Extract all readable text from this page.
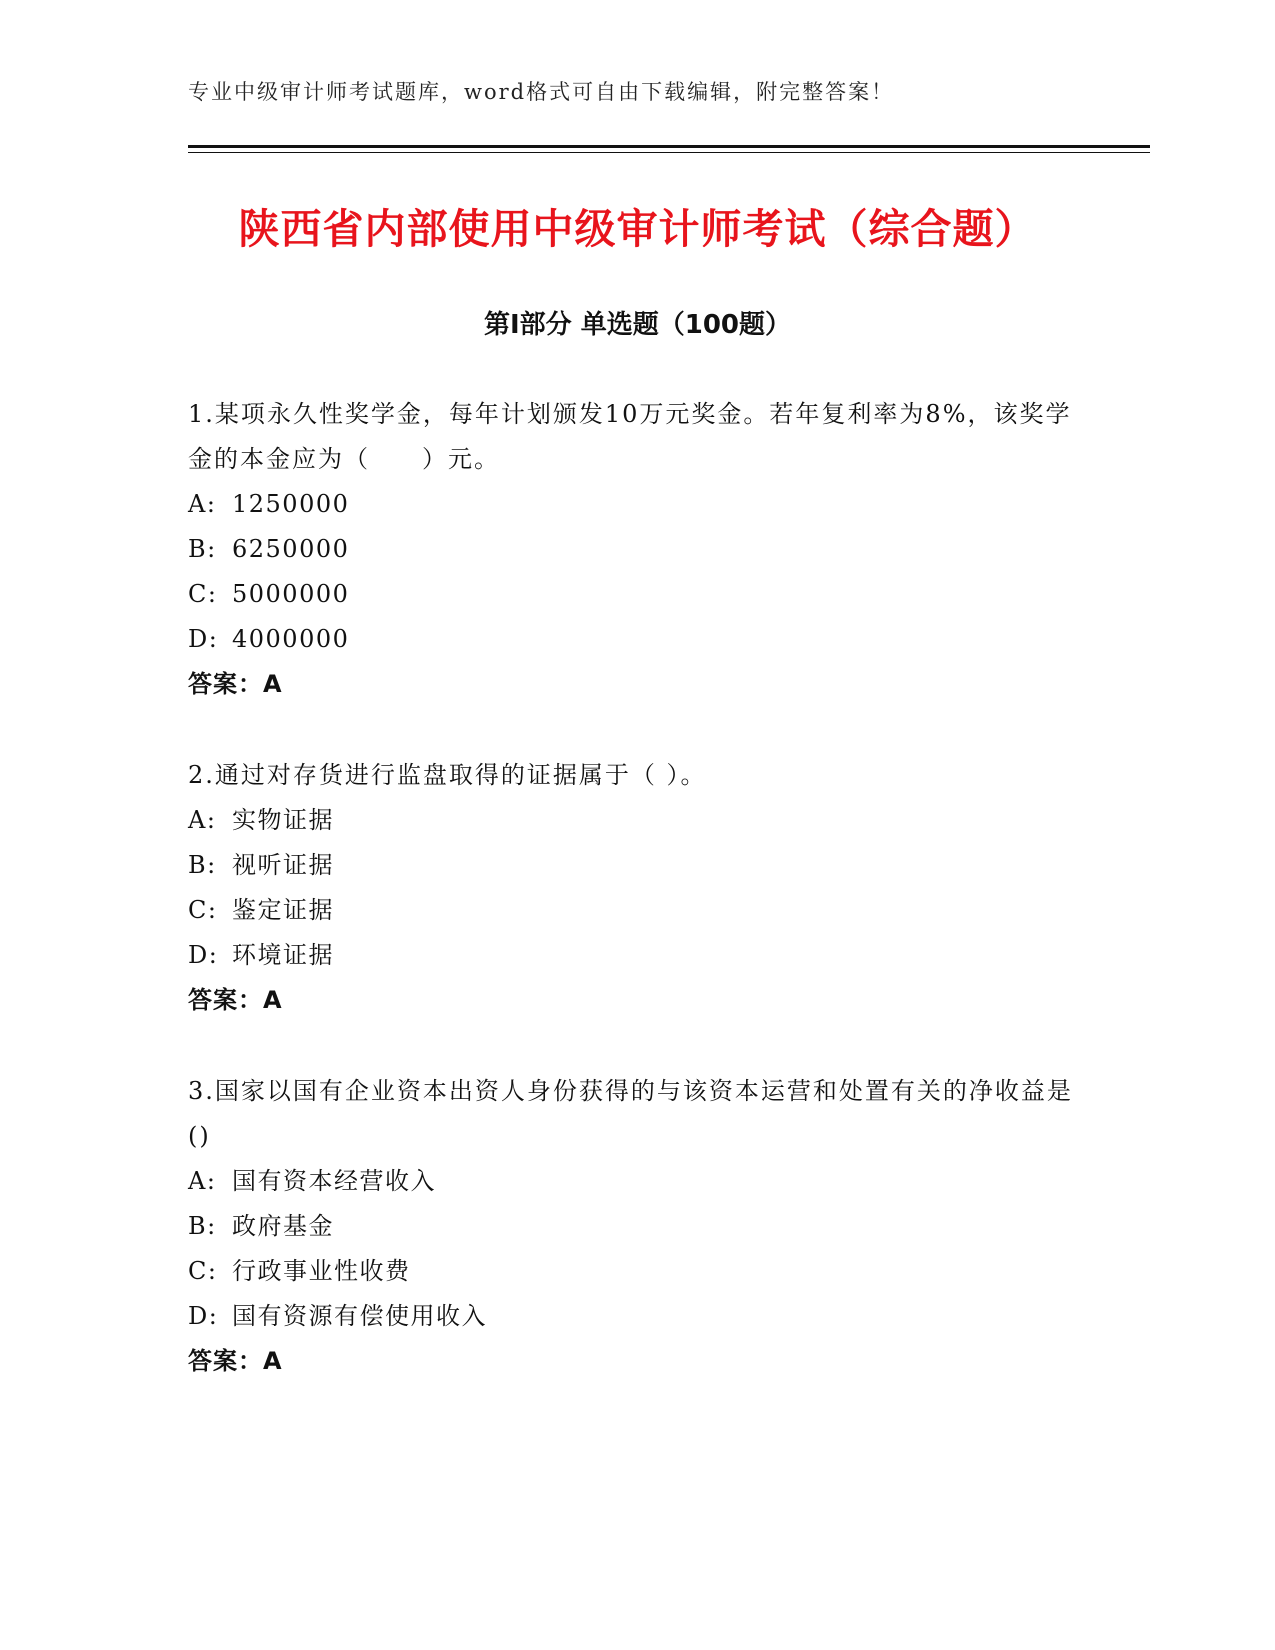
专业中级审计师考试题库，word格式可自由下载编辑，附完整答案！
陕西省内部使用中级审计师考试（综合题）
第Ⅰ部分 单选题（100题）
1.某项永久性奖学金，每年计划颁发10万元奖金。若年复利率为8%，该奖学金的本金应为（　　）元。
A: 1250000
B: 6250000
C: 5000000
D: 4000000
答案：A
2.通过对存货进行监盘取得的证据属于（ ）。
A: 实物证据
B: 视听证据
C: 鉴定证据
D: 环境证据
答案：A
3.国家以国有企业资本出资人身份获得的与该资本运营和处置有关的净收益是()
A: 国有资本经营收入
B: 政府基金
C: 行政事业性收费
D: 国有资源有偿使用收入
答案：A
